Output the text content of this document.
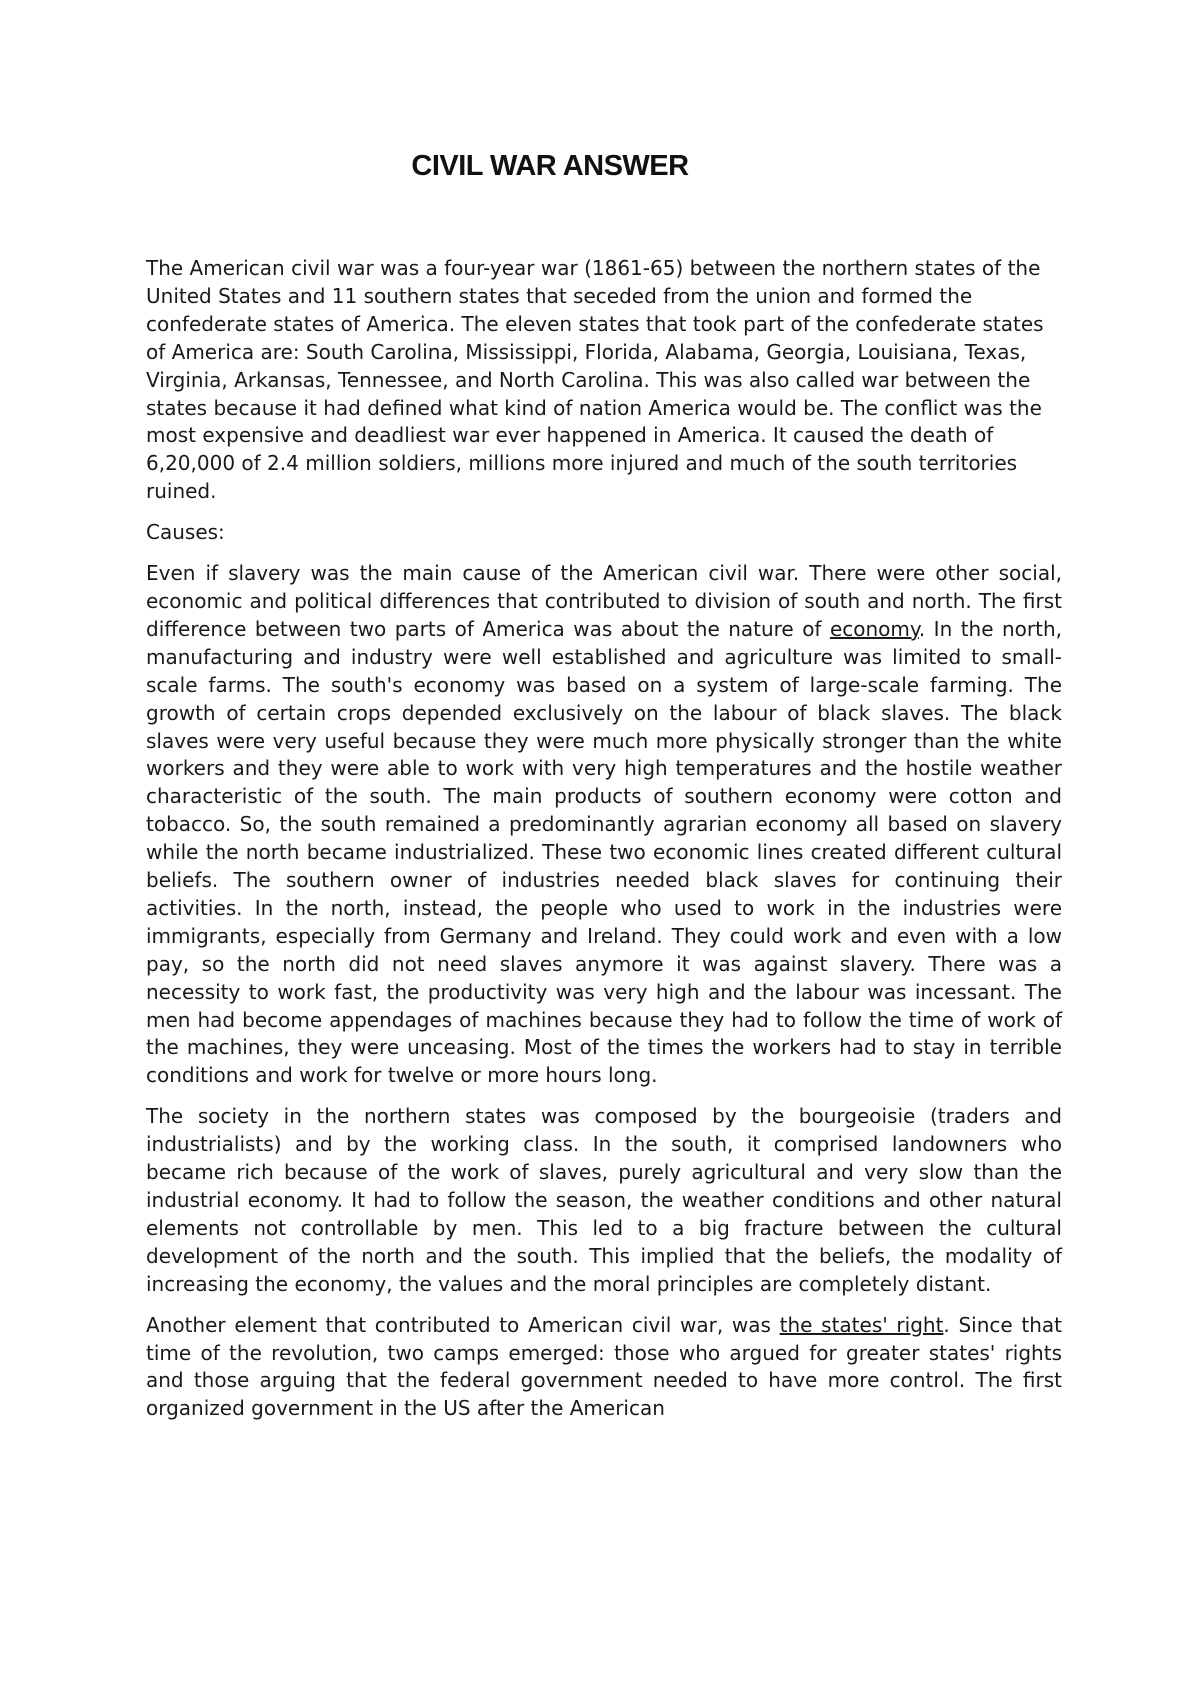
CIVIL WAR ANSWER

The American civil war was a four-year war (1861-65) between the northern states of the United States and 11 southern states that seceded from the union and formed the confederate states of America. The eleven states that took part of the confederate states of America are: South Carolina, Mississippi, Florida, Alabama, Georgia, Louisiana, Texas, Virginia, Arkansas, Tennessee, and North Carolina. This was also called war between the states because it had defined what kind of nation America would be. The conflict was the most expensive and deadliest war ever happened in America. It caused the death of 6,20,000 of 2.4 million soldiers, millions more injured and much of the south territories ruined.

Causes:

Even if slavery was the main cause of the American civil war. There were other social, economic and political differences that contributed to division of south and north. The first difference between two parts of America was about the nature of economy. In the north, manufacturing and industry were well established and agriculture was limited to small-scale farms. The south's economy was based on a system of large-scale farming. The growth of certain crops depended exclusively on the labour of black slaves. The black slaves were very useful because they were much more physically stronger than the white workers and they were able to work with very high temperatures and the hostile weather characteristic of the south. The main products of southern economy were cotton and tobacco. So, the south remained a predominantly agrarian economy all based on slavery while the north became industrialized. These two economic lines created different cultural beliefs. The southern owner of industries needed black slaves for continuing their activities. In the north, instead, the people who used to work in the industries were immigrants, especially from Germany and Ireland. They could work and even with a low pay, so the north did not need slaves anymore it was against slavery. There was a necessity to work fast, the productivity was very high and the labour was incessant. The men had become appendages of machines because they had to follow the time of work of the machines, they were unceasing. Most of the times the workers had to stay in terrible conditions and work for twelve or more hours long.

The society in the northern states was composed by the bourgeoisie (traders and industrialists) and by the working class. In the south, it comprised landowners who became rich because of the work of slaves, purely agricultural and very slow than the industrial economy. It had to follow the season, the weather conditions and other natural elements not controllable by men. This led to a big fracture between the cultural development of the north and the south. This implied that the beliefs, the modality of increasing the economy, the values and the moral principles are completely distant.

Another element that contributed to American civil war, was the states' right. Since that time of the revolution, two camps emerged: those who argued for greater states' rights and those arguing that the federal government needed to have more control. The first organized government in the US after the American
